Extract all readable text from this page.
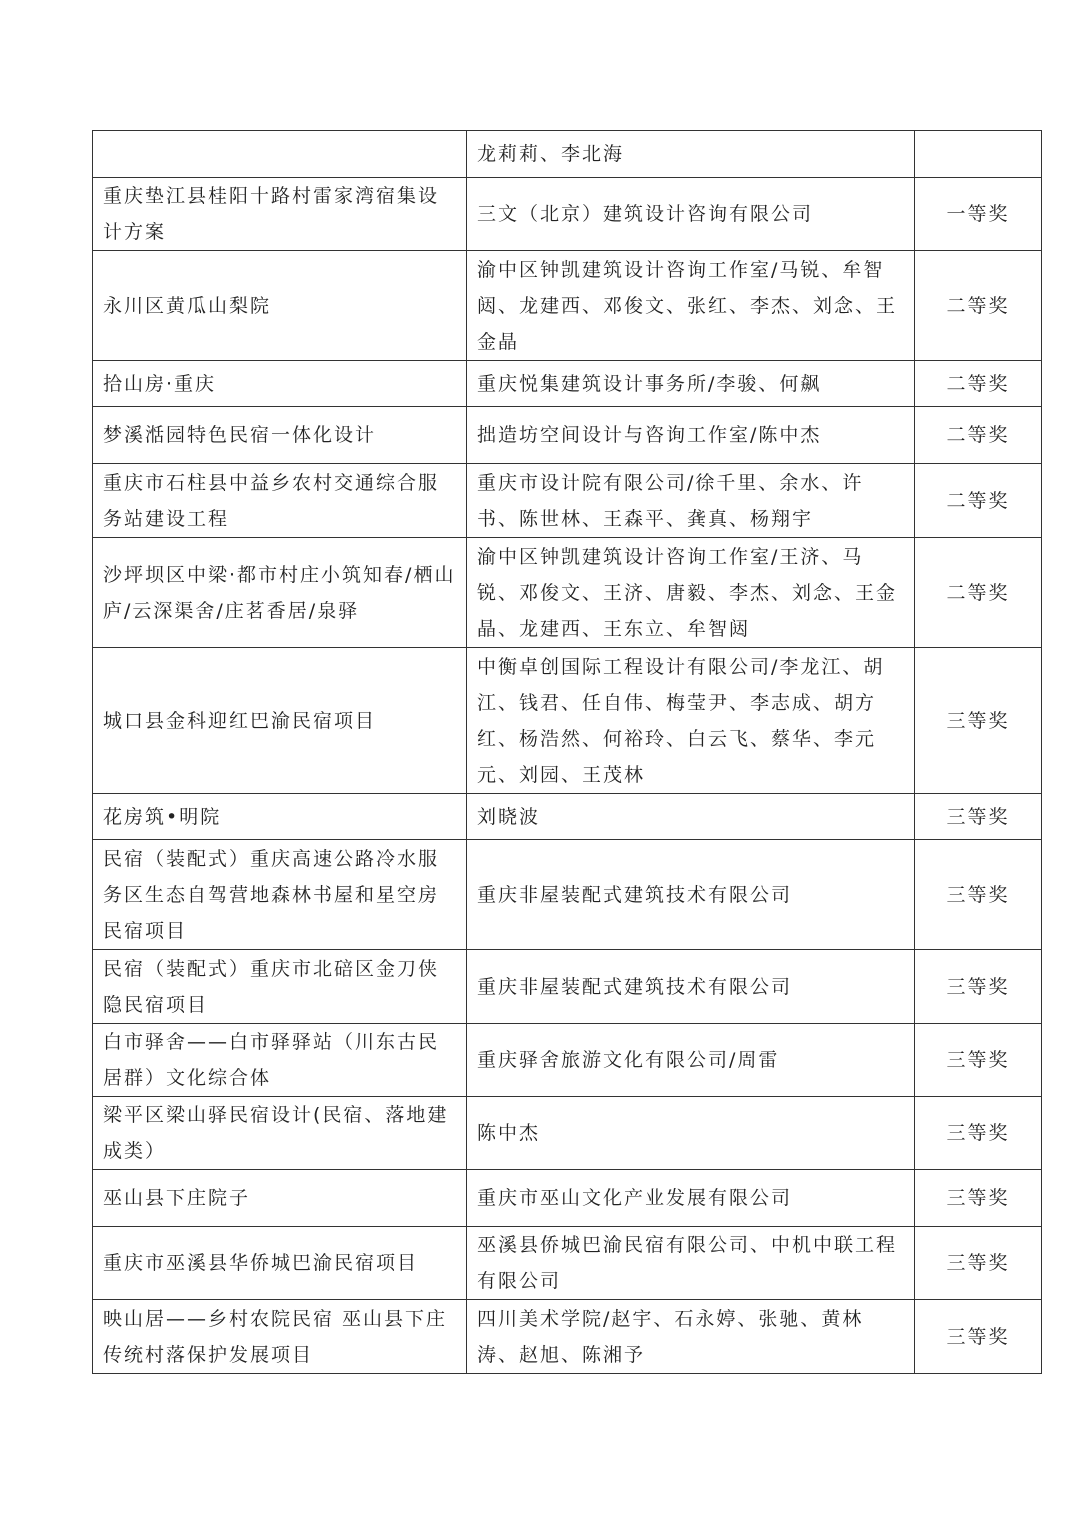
	龙莉莉、李北海	
重庆垫江县桂阳十路村雷家湾宿集设计方案	三文（北京）建筑设计咨询有限公司	一等奖
永川区黄瓜山梨院	渝中区钟凯建筑设计咨询工作室/马锐、牟智闼、龙建西、邓俊文、张红、李杰、刘念、王金晶	二等奖
拾山房·重庆	重庆悦集建筑设计事务所/李骏、何飙	二等奖
梦溪湉园特色民宿一体化设计	拙造坊空间设计与咨询工作室/陈中杰	二等奖
重庆市石柱县中益乡农村交通综合服务站建设工程	重庆市设计院有限公司/徐千里、余水、许书、陈世林、王森平、龚真、杨翔宇	二等奖
沙坪坝区中梁·都市村庄小筑知春/栖山庐/云深渠舍/庄茗香居/泉驿	渝中区钟凯建筑设计咨询工作室/王济、马锐、邓俊文、王济、唐毅、李杰、刘念、王金晶、龙建西、王东立、牟智闼	二等奖
城口县金科迎红巴渝民宿项目	中衡卓创国际工程设计有限公司/李龙江、胡江、钱君、任自伟、梅莹尹、李志成、胡方红、杨浩然、何裕玲、白云飞、蔡华、李元元、刘园、王茂林	三等奖
花房筑•明院	刘晓波	三等奖
民宿（装配式）重庆高速公路冷水服务区生态自驾营地森林书屋和星空房民宿项目	重庆非屋装配式建筑技术有限公司	三等奖
民宿（装配式）重庆市北碚区金刀侠隐民宿项目	重庆非屋装配式建筑技术有限公司	三等奖
白市驿舍——白市驿驿站（川东古民居群）文化综合体	重庆驿舍旅游文化有限公司/周雷	三等奖
梁平区梁山驿民宿设计(民宿、落地建成类）	陈中杰	三等奖
巫山县下庄院子	重庆市巫山文化产业发展有限公司	三等奖
重庆市巫溪县华侨城巴渝民宿项目	巫溪县侨城巴渝民宿有限公司、中机中联工程有限公司	三等奖
映山居——乡村农院民宿 巫山县下庄传统村落保护发展项目	四川美术学院/赵宇、石永婷、张驰、黄林涛、赵旭、陈湘予	三等奖
